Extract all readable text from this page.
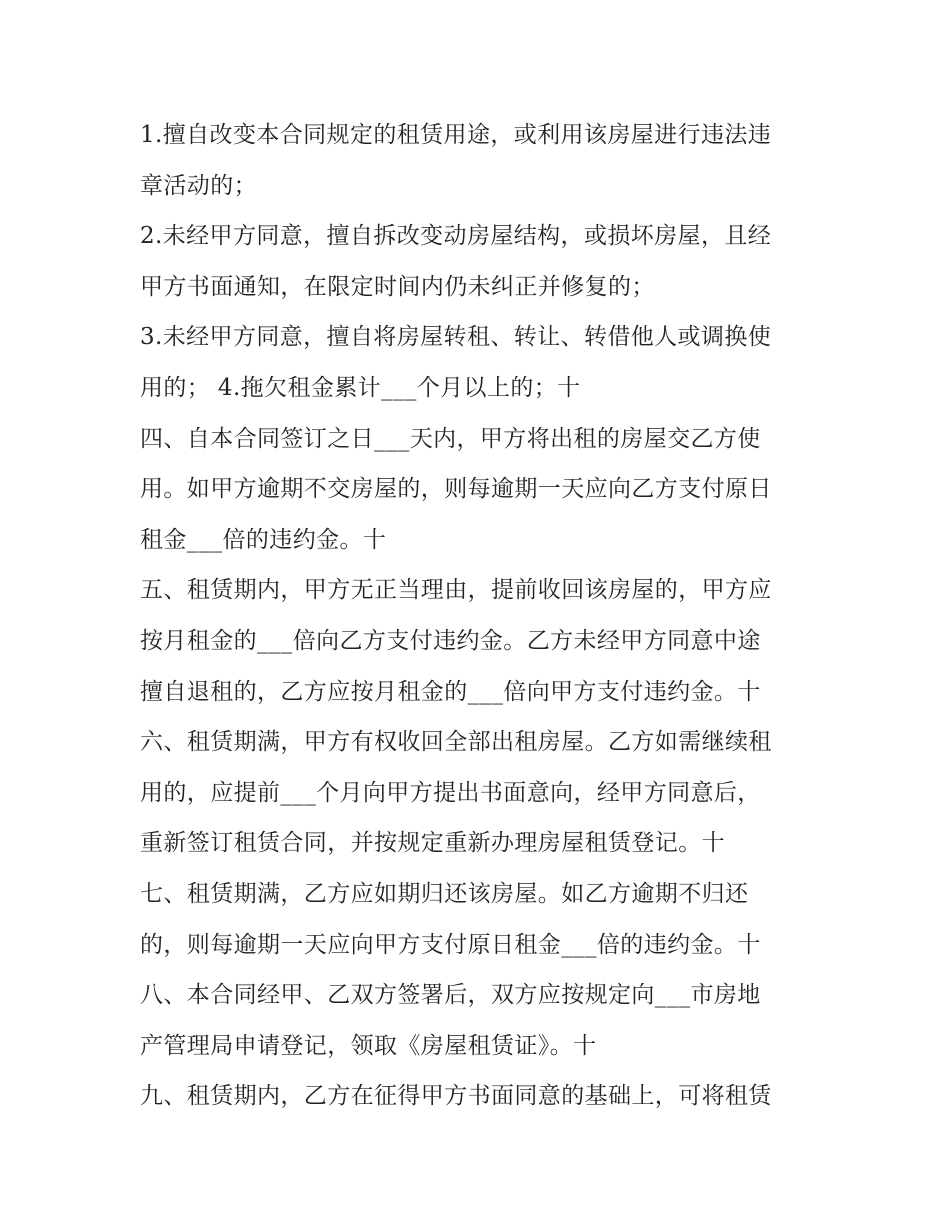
1.擅自改变本合同规定的租赁用途，或利用该房屋进行违法违
章活动的；
2.未经甲方同意，擅自拆改变动房屋结构，或损坏房屋，且经
甲方书面通知，在限定时间内仍未纠正并修复的；
3.未经甲方同意，擅自将房屋转租、转让、转借他人或调换使
用的； 4.拖欠租金累计___个月以上的；十
四、自本合同签订之日___天内，甲方将出租的房屋交乙方使
用。如甲方逾期不交房屋的，则每逾期一天应向乙方支付原日
租金___倍的违约金。十
五、租赁期内，甲方无正当理由，提前收回该房屋的，甲方应
按月租金的___倍向乙方支付违约金。乙方未经甲方同意中途
擅自退租的，乙方应按月租金的___倍向甲方支付违约金。十
六、租赁期满，甲方有权收回全部出租房屋。乙方如需继续租
用的，应提前___个月向甲方提出书面意向，经甲方同意后，
重新签订租赁合同，并按规定重新办理房屋租赁登记。十
七、租赁期满，乙方应如期归还该房屋。如乙方逾期不归还
的，则每逾期一天应向甲方支付原日租金___倍的违约金。十
八、本合同经甲、乙双方签署后，双方应按规定向___市房地
产管理局申请登记，领取《房屋租赁证》。十
九、租赁期内，乙方在征得甲方书面同意的基础上，可将租赁
